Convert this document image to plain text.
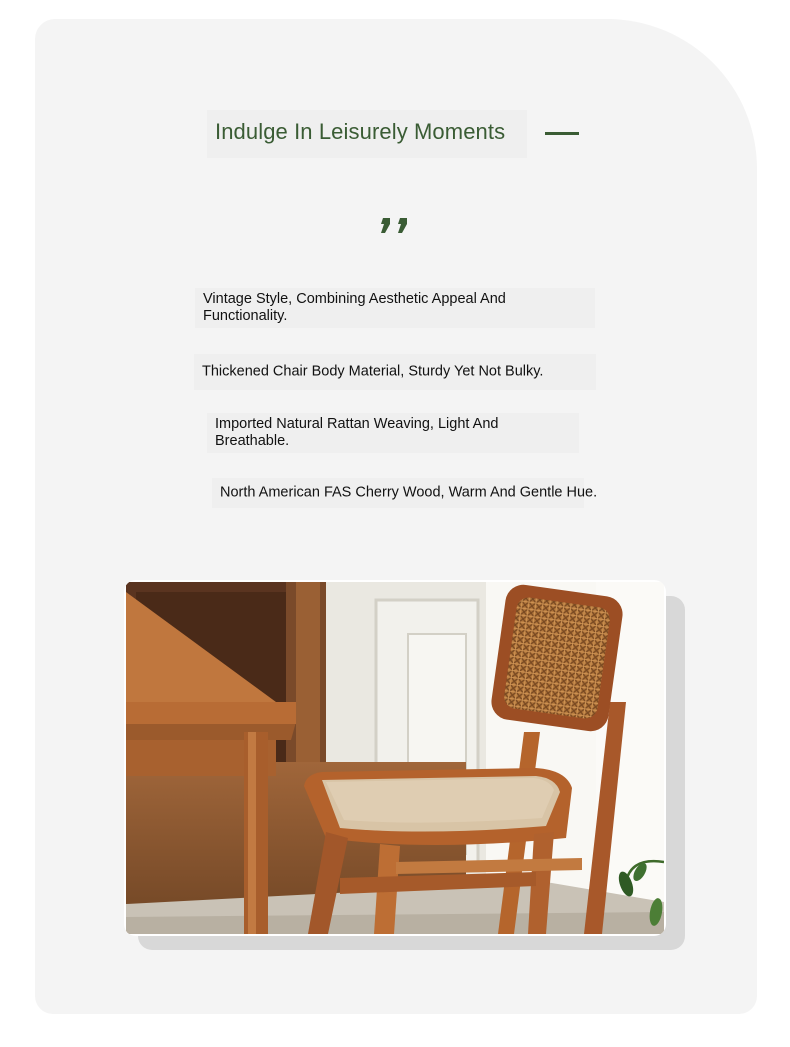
Indulge In Leisurely Moments
Vintage Style, Combining Aesthetic Appeal And Functionality.
Thickened Chair Body Material, Sturdy Yet Not Bulky.
Imported Natural Rattan Weaving, Light And Breathable.
North American FAS Cherry Wood, Warm And Gentle Hue.
